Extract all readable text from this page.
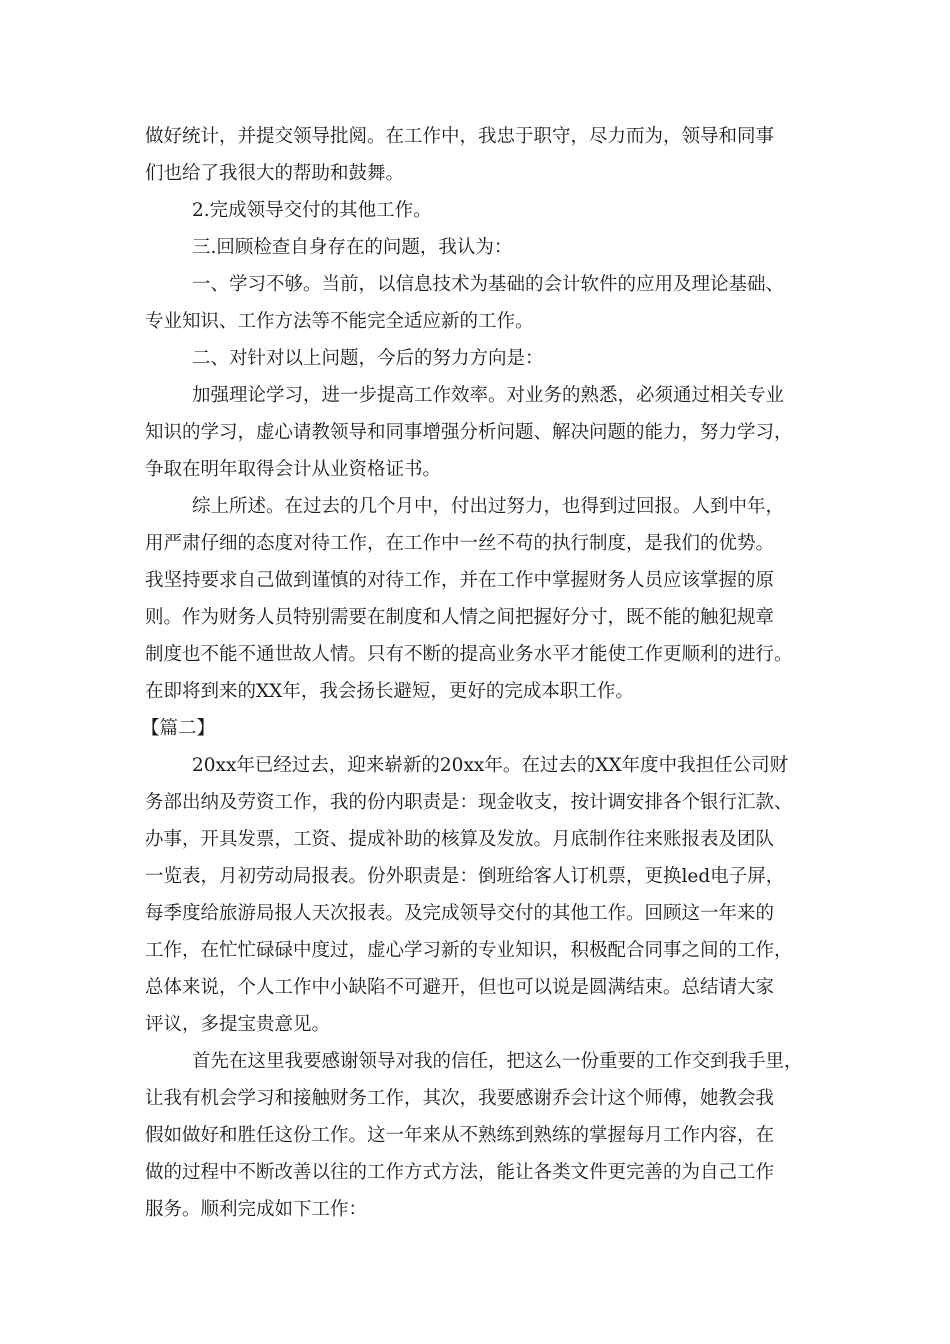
做好统计，并提交领导批阅。在工作中，我忠于职守，尽力而为，领导和同事
们也给了我很大的帮助和鼓舞。
2.完成领导交付的其他工作。
三.回顾检查自身存在的问题，我认为：
一、学习不够。当前，以信息技术为基础的会计软件的应用及理论基础、
专业知识、工作方法等不能完全适应新的工作。
二、对针对以上问题，今后的努力方向是：
加强理论学习，进一步提高工作效率。对业务的熟悉，必须通过相关专业
知识的学习，虚心请教领导和同事增强分析问题、解决问题的能力，努力学习，
争取在明年取得会计从业资格证书。
综上所述。在过去的几个月中，付出过努力，也得到过回报。人到中年，
用严肃仔细的态度对待工作，在工作中一丝不苟的执行制度，是我们的优势。
我坚持要求自己做到谨慎的对待工作，并在工作中掌握财务人员应该掌握的原
则。作为财务人员特别需要在制度和人情之间把握好分寸，既不能的触犯规章
制度也不能不通世故人情。只有不断的提高业务水平才能使工作更顺利的进行。
在即将到来的XX年，我会扬长避短，更好的完成本职工作。
【篇二】
20xx年已经过去，迎来崭新的20xx年。在过去的XX年度中我担任公司财
务部出纳及劳资工作，我的份内职责是：现金收支，按计调安排各个银行汇款、
办事，开具发票，工资、提成补助的核算及发放。月底制作往来账报表及团队
一览表，月初劳动局报表。份外职责是：倒班给客人订机票，更换led电子屏，
每季度给旅游局报人天次报表。及完成领导交付的其他工作。回顾这一年来的
工作，在忙忙碌碌中度过，虚心学习新的专业知识，积极配合同事之间的工作，
总体来说，个人工作中小缺陷不可避开，但也可以说是圆满结束。总结请大家
评议，多提宝贵意见。
首先在这里我要感谢领导对我的信任，把这么一份重要的工作交到我手里，
让我有机会学习和接触财务工作，其次，我要感谢乔会计这个师傅，她教会我
假如做好和胜任这份工作。这一年来从不熟练到熟练的掌握每月工作内容，在
做的过程中不断改善以往的工作方式方法，能让各类文件更完善的为自己工作
服务。顺利完成如下工作：
